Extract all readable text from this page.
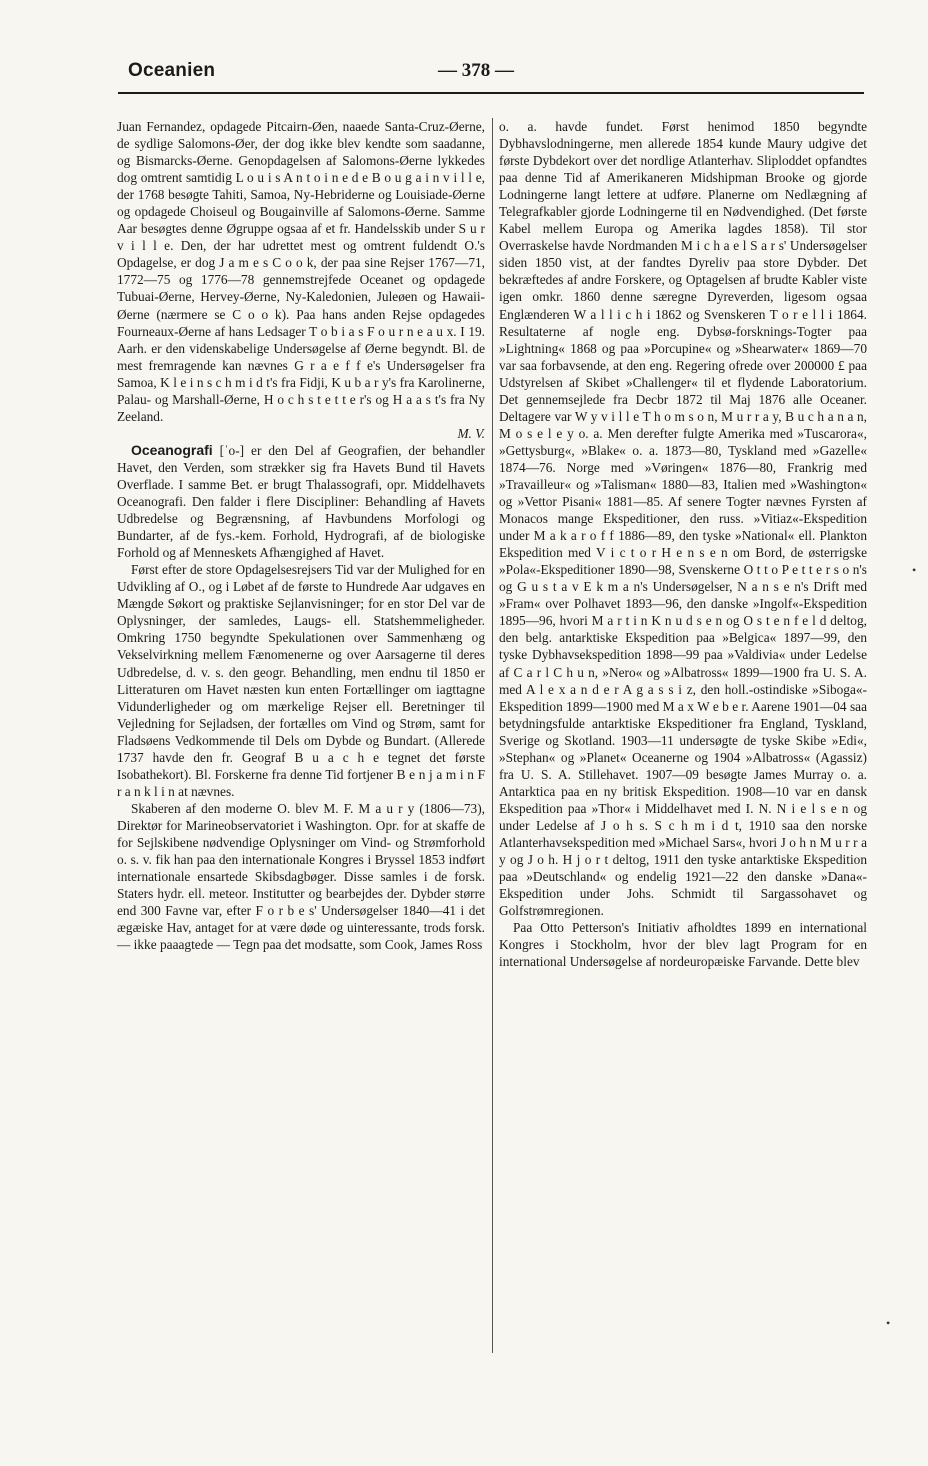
Oceanien	— 378 —

Juan Fernandez, opdagede Pitcairn-Øen, naaede Santa-Cruz-Øerne, de sydlige Salomons-Øer, der dog ikke blev kendte som saadanne, og Bismarcks-Øerne. Genopdagelsen af Salomons-Øerne lykkedes dog omtrent samtidig L o u i s A n t o i n e d e B o u g a i n v i l l e, der 1768 besøgte Tahiti, Samoa, Ny-Hebriderne og Louisiade-Øerne og opdagede Choiseul og Bougainville af Salomons-Øerne. Samme Aar besøgtes denne Øgruppe ogsaa af et fr. Handelsskib under S u r v i l l e. Den, der har udrettet mest og omtrent fuldendt O.'s Opdagelse, er dog J a m e s C o o k, der paa sine Rejser 1767—71, 1772—75 og 1776—78 gennemstrejfede Oceanet og opdagede Tubuai-Øerne, Hervey-Øerne, Ny-Kaledonien, Juleøen og Hawaii-Øerne (nærmere se C o o k). Paa hans anden Rejse opdagedes Fourneaux-Øerne af hans Ledsager T o b i a s F o u r n e a u x. I 19. Aarh. er den videnskabelige Undersøgelse af Øerne begyndt. Bl. de mest fremragende kan nævnes G r a e f f e's Undersøgelser fra Samoa, K l e i n s c h m i d t's fra Fidji, K u b a r y's fra Karolinerne, Palau- og Marshall-Øerne, H o c h s t e t t e r's og H a a s t's fra Ny Zeeland.
M. V.

Oceanografi [ˈo-] er den Del af Geografien, der behandler Havet, den Verden, som strækker sig fra Havets Bund til Havets Overflade. I samme Bet. er brugt Thalassografi, opr. Middelhavets Oceanografi. Den falder i flere Discipliner: Behandling af Havets Udbredelse og Begrænsning, af Havbundens Morfologi og Bundarter, af de fys.-kem. Forhold, Hydrografi, af de biologiske Forhold og af Menneskets Afhængighed af Havet.

Først efter de store Opdagelsesrejsers Tid var der Mulighed for en Udvikling af O., og i Løbet af de første to Hundrede Aar udgaves en Mængde Søkort og praktiske Sejlanvisninger; for en stor Del var de Oplysninger, der samledes, Laugs- ell. Statshemmeligheder. Omkring 1750 begyndte Spekulationen over Sammenhæng og Vekselvirkning mellem Fænomenerne og over Aarsagerne til deres Udbredelse, d. v. s. den geogr. Behandling, men endnu til 1850 er Litteraturen om Havet næsten kun enten Fortællinger om iagttagne Vidunderligheder og om mærkelige Rejser ell. Beretninger til Vejledning for Sejladsen, der fortælles om Vind og Strøm, samt for Fladsøens Vedkommende til Dels om Dybde og Bundart. (Allerede 1737 havde den fr. Geograf B u a c h e tegnet det første Isobathekort). Bl. Forskerne fra denne Tid fortjener B e n j a m i n F r a n k l i n at nævnes.

Skaberen af den moderne O. blev M. F. M a u r y (1806—73), Direktør for Marineobservatoriet i Washington. Opr. for at skaffe de for Sejlskibene nødvendige Oplysninger om Vind- og Strømforhold o. s. v. fik han paa den internationale Kongres i Bryssel 1853 indført internationale ensartede Skibsdagbøger. Disse samles i de forsk. Staters hydr. ell. meteor. Institutter og bearbejdes der. Dybder større end 300 Favne var, efter F o r b e s' Undersøgelser 1840—41 i det ægæiske Hav, antaget for at være døde og uinteressante, trods forsk. — ikke paaagtede — Tegn paa det modsatte, som Cook, James Ross

o. a. havde fundet. Først henimod 1850 begyndte Dybhavslodningerne, men allerede 1854 kunde Maury udgive det første Dybdekort over det nordlige Atlanterhav. Sliploddet opfandtes paa denne Tid af Amerikaneren Midshipman Brooke og gjorde Lodningerne langt lettere at udføre. Planerne om Nedlægning af Telegrafkabler gjorde Lodningerne til en Nødvendighed. (Det første Kabel mellem Europa og Amerika lagdes 1858). Til stor Overraskelse havde Nordmanden M i c h a e l S a r s' Undersøgelser siden 1850 vist, at der fandtes Dyreliv paa store Dybder. Det bekræftedes af andre Forskere, og Optagelsen af brudte Kabler viste igen omkr. 1860 denne særegne Dyreverden, ligesom ogsaa Englænderen W a l l i c h i 1862 og Svenskeren T o r e l l i 1864. Resultaterne af nogle eng. Dybsø-forsknings-Togter paa »Lightning« 1868 og paa »Porcupine« og »Shearwater« 1869—70 var saa forbavsende, at den eng. Regering ofrede over 200000 £ paa Udstyrelsen af Skibet »Challenger« til et flydende Laboratorium. Det gennemsejlede fra Decbr 1872 til Maj 1876 alle Oceaner. Deltagere var W y v i l l e T h o m s o n, M u r r a y, B u c h a n a n, M o s e l e y o. a. Men derefter fulgte Amerika med »Tuscarora«, »Gettysburg«, »Blake« o. a. 1873—80, Tyskland med »Gazelle« 1874—76. Norge med »Vøringen« 1876—80, Frankrig med »Travailleur« og »Talisman« 1880—83, Italien med »Washington« og »Vettor Pisani« 1881—85. Af senere Togter nævnes Fyrsten af Monacos mange Ekspeditioner, den russ. »Vitiaz«-Ekspedition under M a k a r o f f 1886—89, den tyske »National« ell. Plankton Ekspedition med V i c t o r H e n s e n om Bord, de østerrigske »Pola«-Ekspeditioner 1890—98, Svenskerne O t t o P e t t e r s o n's og G u s t a v E k m a n's Undersøgelser, N a n s e n's Drift med »Fram« over Polhavet 1893—96, den danske »Ingolf«-Ekspedition 1895—96, hvori M a r t i n K n u d s e n og O s t e n f e l d deltog, den belg. antarktiske Ekspedition paa »Belgica« 1897—99, den tyske Dybhavsekspedition 1898—99 paa »Valdivia« under Ledelse af C a r l C h u n, »Nero« og »Albatross« 1899—1900 fra U. S. A. med A l e x a n d e r A g a s s i z, den holl.-ostindiske »Siboga«-Ekspedition 1899—1900 med M a x W e b e r. Aarene 1901—04 saa betydningsfulde antarktiske Ekspeditioner fra England, Tyskland, Sverige og Skotland. 1903—11 undersøgte de tyske Skibe »Edi«, »Stephan« og »Planet« Oceanerne og 1904 »Albatross« (Agassiz) fra U. S. A. Stillehavet. 1907—09 besøgte James Murray o. a. Antarktica paa en ny britisk Ekspedition. 1908—10 var en dansk Ekspedition paa »Thor« i Middelhavet med I. N. N i e l s e n og under Ledelse af J o h s. S c h m i d t, 1910 saa den norske Atlanterhavsekspedition med »Michael Sars«, hvori J o h n M u r r a y og J o h. H j o r t deltog, 1911 den tyske antarktiske Ekspedition paa »Deutschland« og endelig 1921—22 den danske »Dana«-Ekspedition under Johs. Schmidt til Sargassohavet og Golfstrømregionen.

Paa Otto Petterson's Initiativ afholdtes 1899 en international Kongres i Stockholm, hvor der blev lagt Program for en international Undersøgelse af nordeuropæiske Farvande. Dette blev

•
•
